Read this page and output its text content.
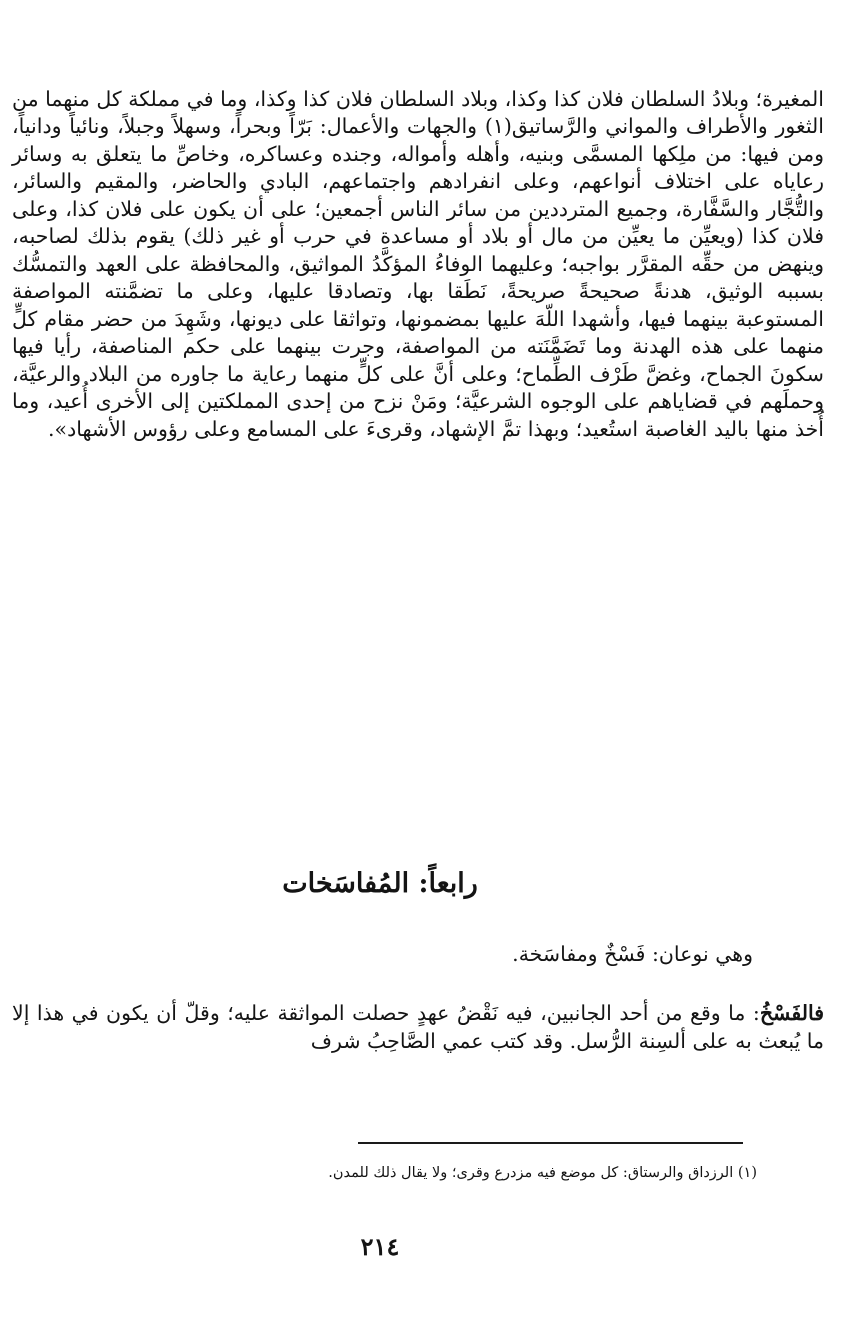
المغيرة؛ وبلادُ السلطان فلان كذا وكذا، وبلاد السلطان فلان كذا وكذا، وما في مملكة كل منهما من الثغور والأطراف والمواني والرَّساتيق(١) والجهات والأعمال: بَرّاً وبحراً، وسهلاً وجبلاً، ونائياً ودانياً، ومن فيها: من ملِكها المسمَّى وبنيه، وأهله وأمواله، وجنده وعساكره، وخاصِّ ما يتعلق به وسائر رعاياه على اختلاف أنواعهم، وعلى انفرادهم واجتماعهم، البادي والحاضر، والمقيم والسائر، والتُّجَّار والسَّفَّارة، وجميع المترددين من سائر الناس أجمعين؛ على أن يكون على فلان كذا، وعلى فلان كذا (ويعيِّن ما يعيِّن من مال أو بلاد أو مساعدة في حرب أو غير ذلك) يقوم بذلك لصاحبه، وينهض من حقِّه المقرَّر بواجبه؛ وعليهما الوفاءُ المؤكَّدُ المواثيق، والمحافظة على العهد والتمسُّك بسببه الوثيق، هدنةً صحيحةً صريحةً، نَطَقا بها، وتصادقا عليها، وعلى ما تضمَّنته المواصفة المستوعبة بينهما فيها، وأشهدا اللّهَ عليها بمضمونها، وتواثقا على ديونها، وشَهِدَ من حضر مقام كلٍّ منهما على هذه الهدنة وما تَضَمَّنَته من المواصفة، وجرت بينهما على حكم المناصفة، رأيا فيها سكونَ الجماح، وغضَّ طَرْف الطِّماح؛ وعلى أنَّ على كلٍّ منهما رعاية ما جاوره من البلاد والرعيَّة، وحملَهم في قضاياهم على الوجوه الشرعيَّة؛ ومَنْ نزح من إحدى المملكتين إلى الأخرى أُعيد، وما أُخذ منها باليد الغاصبة استُعيد؛ وبهذا تمَّ الإشهاد، وقرىءَ على المسامع وعلى رؤوس الأشهاد».

رابعاً: المُفاسَخات
وهي نوعان: فَسْخٌ ومفاسَخة.

فالفَسْخُ: ما وقع من أحد الجانبين، فيه نَقْضُ عهدٍ حصلت المواثقة عليه؛ وقلّ أن يكون في هذا إلا ما يُبعث به على ألسِنة الرُّسل. وقد كتب عمي الصَّاحِبُ شرف

(١) الرزداق والرستاق: كل موضع فيه مزدرع وقرى؛ ولا يقال ذلك للمدن.
٢١٤
